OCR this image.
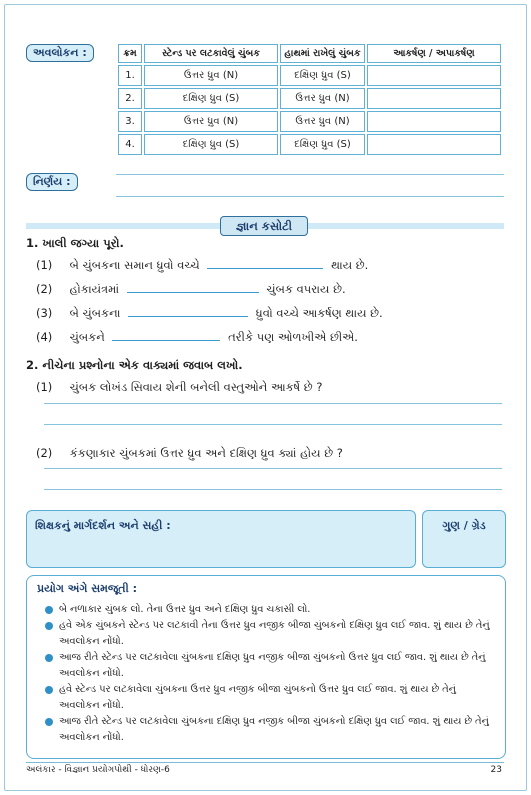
અવલોકન :	ક્રમ	સ્ટેન્ડ પર લટકાવેલું ચુંબક	હાથમાં રાખેલું ચુંબક	આકર્ષણ / અપાકર્ષણ
1.	ઉત્તર ધ્રુવ (N)	દક્ષિણ ધ્રુવ (S)	
2.	દક્ષિણ ધ્રુવ (S)	ઉત્તર ધ્રુવ (N)	
3.	ઉત્તર ધ્રુવ (N)	ઉત્તર ધ્રુવ (N)	
4.	દક્ષિણ ધ્રુવ (S)	દક્ષિણ ધ્રુવ (S)	
નિર્ણય :
જ્ઞાન કસોટી
1. ખાલી જગ્યા પૂરો.
(1) બે ચુંબકના સમાન ધ્રુવો વચ્ચે	થાય છે.
(2) હોકાયંત્રમાં	ચુંબક વપરાય છે.
(3) બે ચુંબકના	ધ્રુવો વચ્ચે આકર્ષણ થાય છે.
(4) ચુંબકને	તરીકે પણ ઓળખીએ છીએ.
2. નીચેના પ્રશ્નોના એક વાક્યમાં જવાબ લખો.
(1) ચુંબક લોખંડ સિવાય શેની બનેલી વસ્તુઓને આકર્ષે છે ?
(2) કંકણાકાર ચુંબકમાં ઉત્તર ધ્રુવ અને દક્ષિણ ધ્રુવ ક્યાં હોય છે ?
શિક્ષકનું માર્ગદર્શન અને સહી :	ગુણ / ગ્રેડ
પ્રયોગ અંગે સમજૂતી :
બે નળાકાર ચુંબક લો. તેના ઉત્તર ધ્રુવ અને દક્ષિણ ધ્રુવ ચકાસી લો.
હવે એક ચુંબકને સ્ટેન્ડ પર લટકાવી તેના ઉત્તર ધ્રુવ નજીક બીજા ચુંબકનો દક્ષિણ ધ્રુવ લઈ જાવ. શું થાય છે તેનું અવલોકન નોંધો.
આજ રીતે સ્ટેન્ડ પર લટકાવેલા ચુંબકના દક્ષિણ ધ્રુવ નજીક બીજા ચુંબકનો ઉત્તર ધ્રુવ લઈ જાવ. શું થાય છે તેનું અવલોકન નોંધો.
હવે સ્ટેન્ડ પર લટકાવેલા ચુંબકના ઉત્તર ધ્રુવ નજીક બીજા ચુંબકનો ઉત્તર ધ્રુવ લઈ જાવ. શું થાય છે તેનું અવલોકન નોંધો.
આજ રીતે સ્ટેન્ડ પર લટકાવેલા ચુંબકના દક્ષિણ ધ્રુવ નજીક બીજા ચુંબકનો દક્ષિણ ધ્રુવ લઈ જાવ. શું થાય છે તેનું અવલોકન નોંધો.
અલંકાર - વિજ્ઞાન પ્રયોગપોથી - ધોરણ-6	23
